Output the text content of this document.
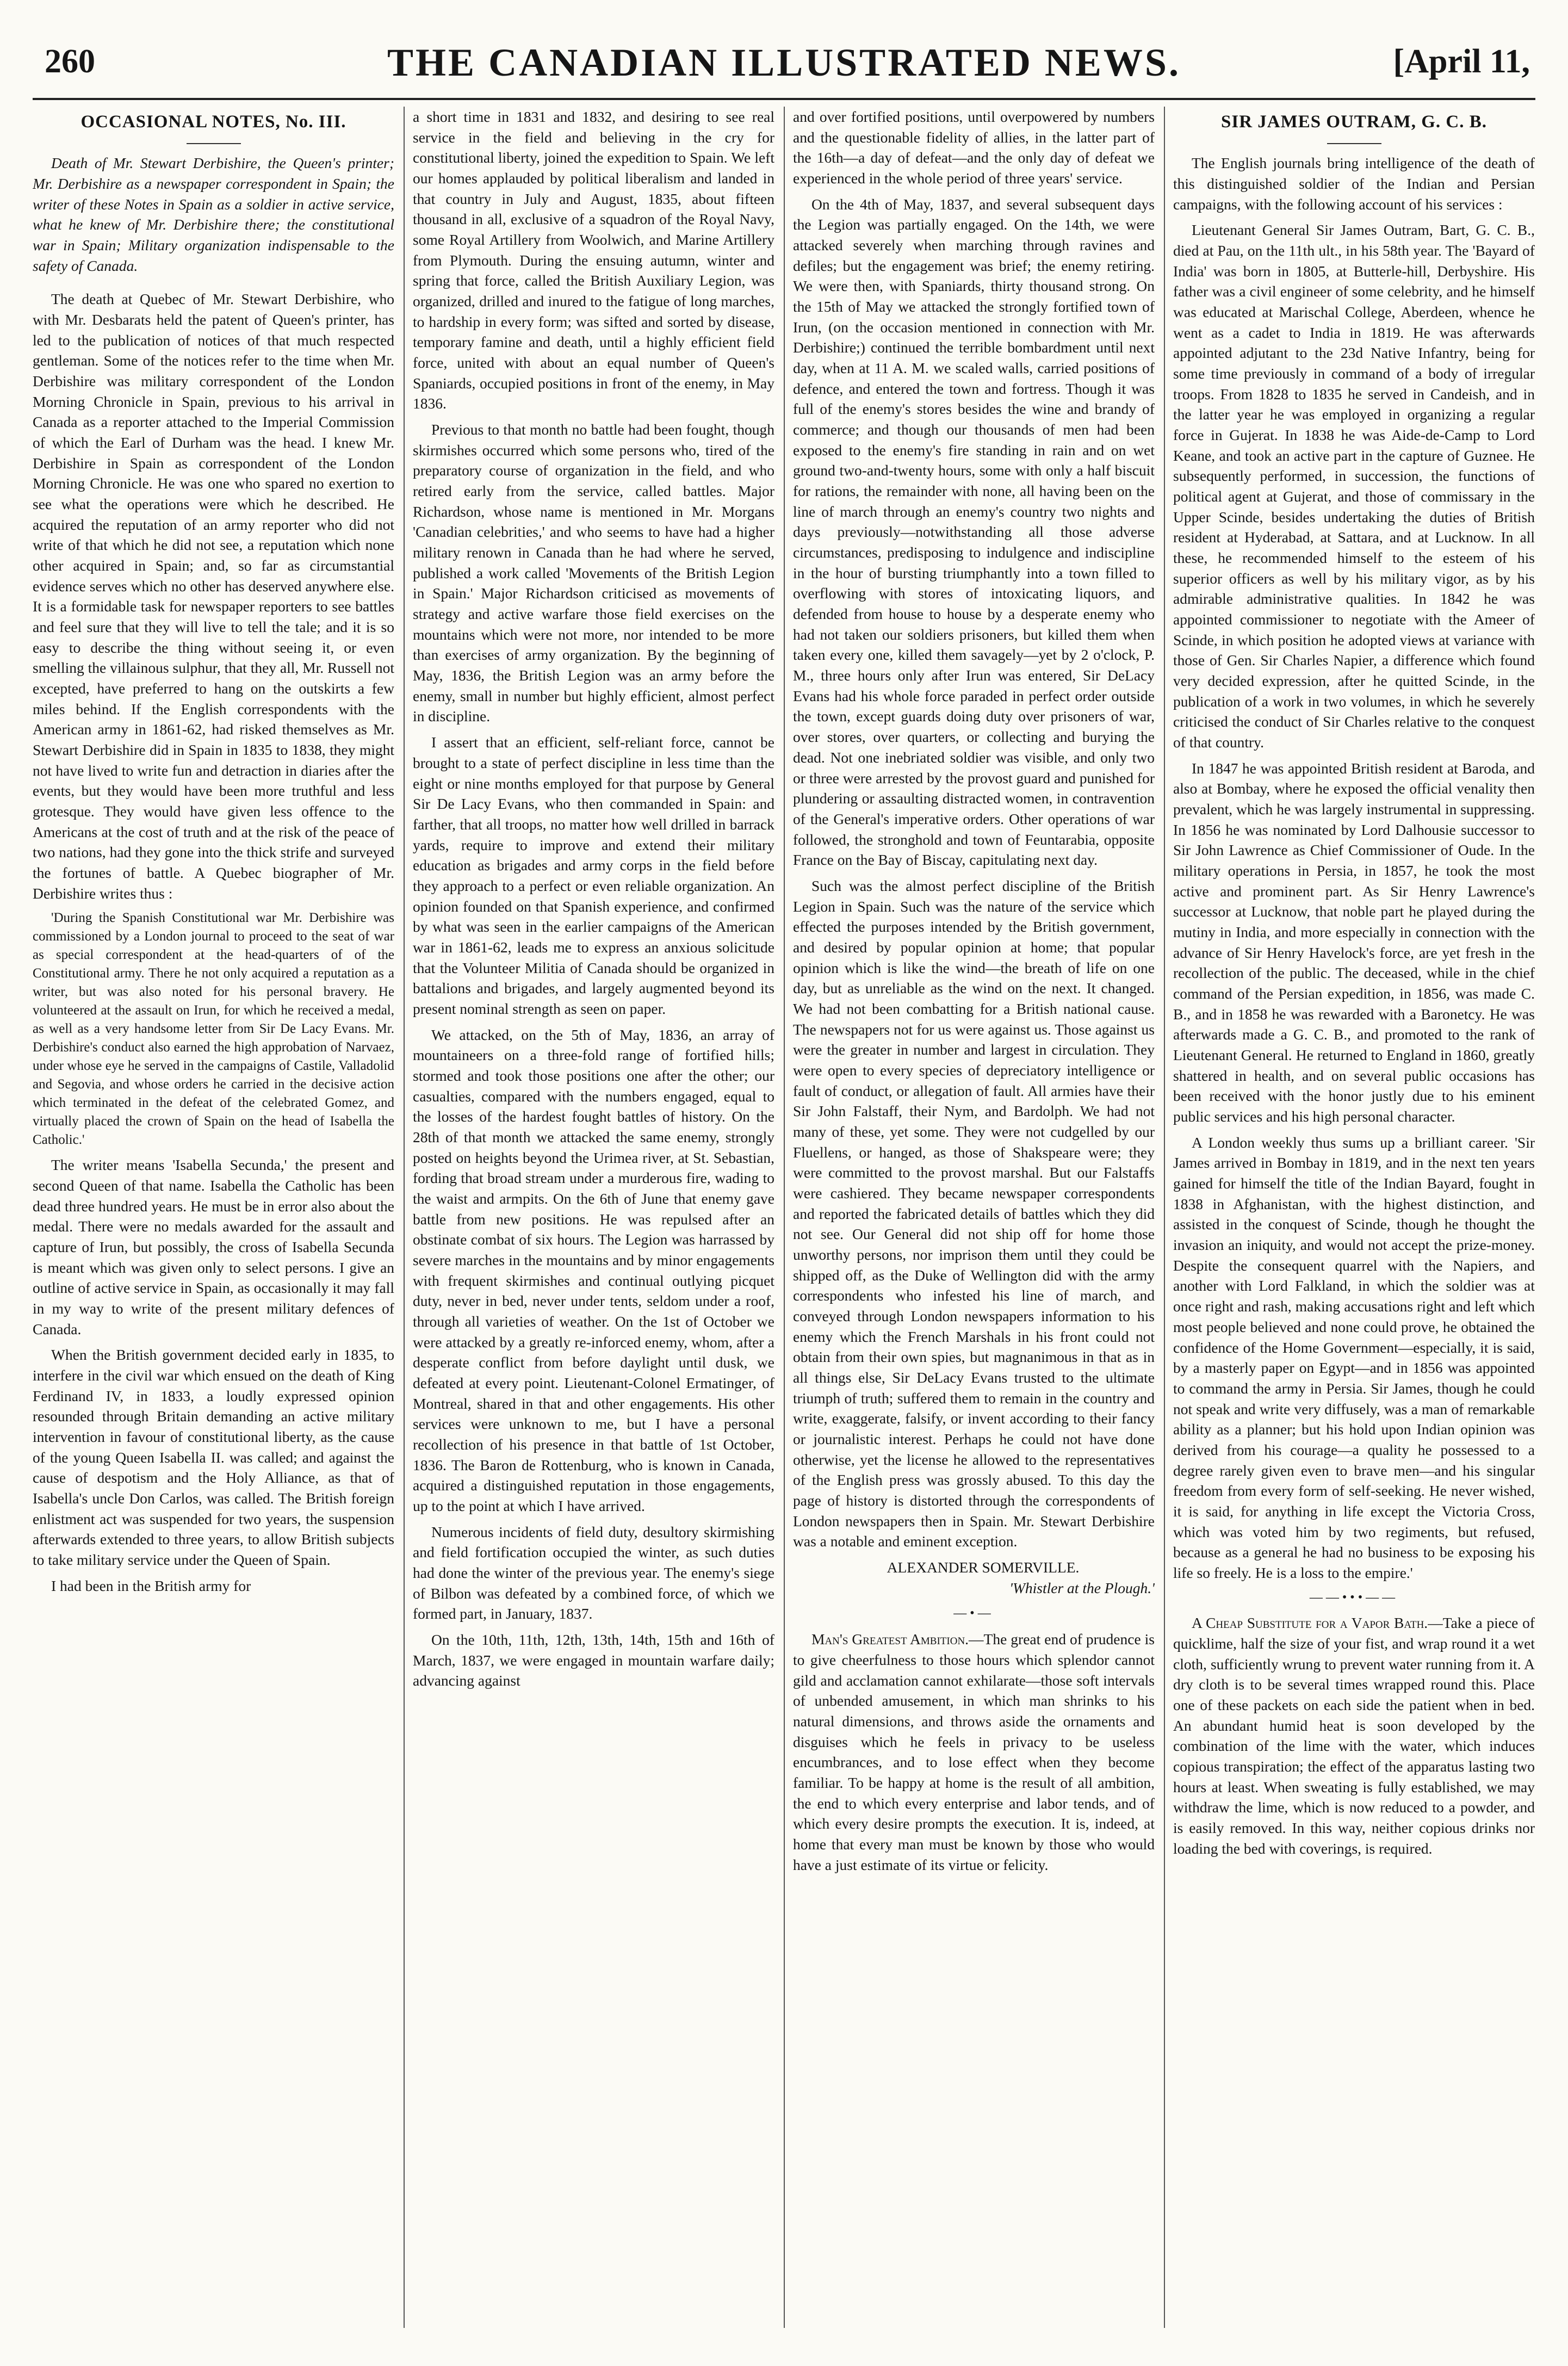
260	THE CANADIAN ILLUSTRATED NEWS.	[April 11,
OCCASIONAL NOTES, No. III.

Death of Mr. Stewart Derbishire, the Queen's printer; Mr. Derbishire as a newspaper correspondent in Spain; the writer of these Notes in Spain as a soldier in active service, what he knew of Mr. Derbishire there; the constitutional war in Spain; Military organization indispensable to the safety of Canada.

The death at Quebec of Mr. Stewart Derbishire, who with Mr. Desbarats held the patent of Queen's printer, has led to the publication of notices of that much respected gentleman. Some of the notices refer to the time when Mr. Derbishire was military correspondent of the London Morning Chronicle in Spain, previous to his arrival in Canada as a reporter attached to the Imperial Commission of which the Earl of Durham was the head. I knew Mr. Derbishire in Spain as correspondent of the London Morning Chronicle. He was one who spared no exertion to see what the operations were which he described. He acquired the reputation of an army reporter who did not write of that which he did not see, a reputation which none other acquired in Spain; and, so far as circumstantial evidence serves which no other has deserved anywhere else. It is a formidable task for newspaper reporters to see battles and feel sure that they will live to tell the tale; and it is so easy to describe the thing without seeing it, or even smelling the villainous sulphur, that they all, Mr. Russell not excepted, have preferred to hang on the outskirts a few miles behind. If the English correspondents with the American army in 1861-62, had risked themselves as Mr. Stewart Derbishire did in Spain in 1835 to 1838, they might not have lived to write fun and detraction in diaries after the events, but they would have been more truthful and less grotesque. They would have given less offence to the Americans at the cost of truth and at the risk of the peace of two nations, had they gone into the thick strife and surveyed the fortunes of battle. A Quebec biographer of Mr. Derbishire writes thus :

'During the Spanish Constitutional war Mr. Derbishire was commissioned by a London journal to proceed to the seat of war as special correspondent at the head-quarters of of the Constitutional army. There he not only acquired a reputation as a writer, but was also noted for his personal bravery. He volunteered at the assault on Irun, for which he received a medal, as well as a very handsome letter from Sir De Lacy Evans. Mr. Derbishire's conduct also earned the high approbation of Narvaez, under whose eye he served in the campaigns of Castile, Valladolid and Segovia, and whose orders he carried in the decisive action which terminated in the defeat of the celebrated Gomez, and virtually placed the crown of Spain on the head of Isabella the Catholic.'

The writer means 'Isabella Secunda,' the present and second Queen of that name. Isabella the Catholic has been dead three hundred years. He must be in error also about the medal. There were no medals awarded for the assault and capture of Irun, but possibly, the cross of Isabella Secunda is meant which was given only to select persons. I give an outline of active service in Spain, as occasionally it may fall in my way to write of the present military defences of Canada.

When the British government decided early in 1835, to interfere in the civil war which ensued on the death of King Ferdinand IV, in 1833, a loudly expressed opinion resounded through Britain demanding an active military intervention in favour of constitutional liberty, as the cause of the young Queen Isabella II. was called; and against the cause of despotism and the Holy Alliance, as that of Isabella's uncle Don Carlos, was called. The British foreign enlistment act was suspended for two years, the suspension afterwards extended to three years, to allow British subjects to take military service under the Queen of Spain.

I had been in the British army for

a short time in 1831 and 1832, and desiring to see real service in the field and believing in the cry for constitutional liberty, joined the expedition to Spain. We left our homes applauded by political liberalism and landed in that country in July and August, 1835, about fifteen thousand in all, exclusive of a squadron of the Royal Navy, some Royal Artillery from Woolwich, and Marine Artillery from Plymouth. During the ensuing autumn, winter and spring that force, called the British Auxiliary Legion, was organized, drilled and inured to the fatigue of long marches, to hardship in every form; was sifted and sorted by disease, temporary famine and death, until a highly efficient field force, united with about an equal number of Queen's Spaniards, occupied positions in front of the enemy, in May 1836.

Previous to that month no battle had been fought, though skirmishes occurred which some persons who, tired of the preparatory course of organization in the field, and who retired early from the service, called battles. Major Richardson, whose name is mentioned in Mr. Morgans 'Canadian celebrities,' and who seems to have had a higher military renown in Canada than he had where he served, published a work called 'Movements of the British Legion in Spain.' Major Richardson criticised as movements of strategy and active warfare those field exercises on the mountains which were not more, nor intended to be more than exercises of army organization. By the beginning of May, 1836, the British Legion was an army before the enemy, small in number but highly efficient, almost perfect in discipline.

I assert that an efficient, self-reliant force, cannot be brought to a state of perfect discipline in less time than the eight or nine months employed for that purpose by General Sir De Lacy Evans, who then commanded in Spain: and farther, that all troops, no matter how well drilled in barrack yards, require to improve and extend their military education as brigades and army corps in the field before they approach to a perfect or even reliable organization. An opinion founded on that Spanish experience, and confirmed by what was seen in the earlier campaigns of the American war in 1861-62, leads me to express an anxious solicitude that the Volunteer Militia of Canada should be organized in battalions and brigades, and largely augmented beyond its present nominal strength as seen on paper.

We attacked, on the 5th of May, 1836, an array of mountaineers on a three-fold range of fortified hills; stormed and took those positions one after the other; our casualties, compared with the numbers engaged, equal to the losses of the hardest fought battles of history. On the 28th of that month we attacked the same enemy, strongly posted on heights beyond the Urimea river, at St. Sebastian, fording that broad stream under a murderous fire, wading to the waist and armpits. On the 6th of June that enemy gave battle from new positions. He was repulsed after an obstinate combat of six hours. The Legion was harrassed by severe marches in the mountains and by minor engagements with frequent skirmishes and continual outlying picquet duty, never in bed, never under tents, seldom under a roof, through all varieties of weather. On the 1st of October we were attacked by a greatly re-inforced enemy, whom, after a desperate conflict from before daylight until dusk, we defeated at every point. Lieutenant-Colonel Ermatinger, of Montreal, shared in that and other engagements. His other services were unknown to me, but I have a personal recollection of his presence in that battle of 1st October, 1836. The Baron de Rottenburg, who is known in Canada, acquired a distinguished reputation in those engagements, up to the point at which I have arrived.

Numerous incidents of field duty, desultory skirmishing and field fortification occupied the winter, as such duties had done the winter of the previous year. The enemy's siege of Bilbon was defeated by a combined force, of which we formed part, in January, 1837.

On the 10th, 11th, 12th, 13th, 14th, 15th and 16th of March, 1837, we were engaged in mountain warfare daily; advancing against

and over fortified positions, until overpowered by numbers and the questionable fidelity of allies, in the latter part of the 16th—a day of defeat—and the only day of defeat we experienced in the whole period of three years' service.

On the 4th of May, 1837, and several subsequent days the Legion was partially engaged. On the 14th, we were attacked severely when marching through ravines and defiles; but the engagement was brief; the enemy retiring. We were then, with Spaniards, thirty thousand strong. On the 15th of May we attacked the strongly fortified town of Irun, (on the occasion mentioned in connection with Mr. Derbishire;) continued the terrible bombardment until next day, when at 11 A. M. we scaled walls, carried positions of defence, and entered the town and fortress. Though it was full of the enemy's stores besides the wine and brandy of commerce; and though our thousands of men had been exposed to the enemy's fire standing in rain and on wet ground two-and-twenty hours, some with only a half biscuit for rations, the remainder with none, all having been on the line of march through an enemy's country two nights and days previously—notwithstanding all those adverse circumstances, predisposing to indulgence and indiscipline in the hour of bursting triumphantly into a town filled to overflowing with stores of intoxicating liquors, and defended from house to house by a desperate enemy who had not taken our soldiers prisoners, but killed them when taken every one, killed them savagely—yet by 2 o'clock, P. M., three hours only after Irun was entered, Sir DeLacy Evans had his whole force paraded in perfect order outside the town, except guards doing duty over prisoners of war, over stores, over quarters, or collecting and burying the dead. Not one inebriated soldier was visible, and only two or three were arrested by the provost guard and punished for plundering or assaulting distracted women, in contravention of the General's imperative orders. Other operations of war followed, the stronghold and town of Feuntarabia, opposite France on the Bay of Biscay, capitulating next day.

Such was the almost perfect discipline of the British Legion in Spain. Such was the nature of the service which effected the purposes intended by the British government, and desired by popular opinion at home; that popular opinion which is like the wind—the breath of life on one day, but as unreliable as the wind on the next. It changed. We had not been combatting for a British national cause. The newspapers not for us were against us. Those against us were the greater in number and largest in circulation. They were open to every species of depreciatory intelligence or fault of conduct, or allegation of fault. All armies have their Sir John Falstaff, their Nym, and Bardolph. We had not many of these, yet some. They were not cudgelled by our Fluellens, or hanged, as those of Shakspeare were; they were committed to the provost marshal. But our Falstaffs were cashiered. They became newspaper correspondents and reported the fabricated details of battles which they did not see. Our General did not ship off for home those unworthy persons, nor imprison them until they could be shipped off, as the Duke of Wellington did with the army correspondents who infested his line of march, and conveyed through London newspapers information to his enemy which the French Marshals in his front could not obtain from their own spies, but magnanimous in that as in all things else, Sir DeLacy Evans trusted to the ultimate triumph of truth; suffered them to remain in the country and write, exaggerate, falsify, or invent according to their fancy or journalistic interest. Perhaps he could not have done otherwise, yet the license he allowed to the representatives of the English press was grossly abused. To this day the page of history is distorted through the correspondents of London newspapers then in Spain. Mr. Stewart Derbishire was a notable and eminent exception.

ALEXANDER SOMERVILLE.

'Whistler at the Plough.'

—•—

Man's Greatest Ambition.—The great end of prudence is to give cheerfulness to those hours which splendor cannot gild and acclamation cannot exhilarate—those soft intervals of unbended amusement, in which man shrinks to his natural dimensions, and throws aside the ornaments and disguises which he feels in privacy to be useless encumbrances, and to lose effect when they become familiar. To be happy at home is the result of all ambition, the end to which every enterprise and labor tends, and of which every desire prompts the execution. It is, indeed, at home that every man must be known by those who would have a just estimate of its virtue or felicity.

SIR JAMES OUTRAM, G. C. B.

The English journals bring intelligence of the death of this distinguished soldier of the Indian and Persian campaigns, with the following account of his services :

Lieutenant General Sir James Outram, Bart, G. C. B., died at Pau, on the 11th ult., in his 58th year. The 'Bayard of India' was born in 1805, at Butterle-hill, Derbyshire. His father was a civil engineer of some celebrity, and he himself was educated at Marischal College, Aberdeen, whence he went as a cadet to India in 1819. He was afterwards appointed adjutant to the 23d Native Infantry, being for some time previously in command of a body of irregular troops. From 1828 to 1835 he served in Candeish, and in the latter year he was employed in organizing a regular force in Gujerat. In 1838 he was Aide-de-Camp to Lord Keane, and took an active part in the capture of Guznee. He subsequently performed, in succession, the functions of political agent at Gujerat, and those of commissary in the Upper Scinde, besides undertaking the duties of British resident at Hyderabad, at Sattara, and at Lucknow. In all these, he recommended himself to the esteem of his superior officers as well by his military vigor, as by his admirable administrative qualities. In 1842 he was appointed commissioner to negotiate with the Ameer of Scinde, in which position he adopted views at variance with those of Gen. Sir Charles Napier, a difference which found very decided expression, after he quitted Scinde, in the publication of a work in two volumes, in which he severely criticised the conduct of Sir Charles relative to the conquest of that country.

In 1847 he was appointed British resident at Baroda, and also at Bombay, where he exposed the official venality then prevalent, which he was largely instrumental in suppressing. In 1856 he was nominated by Lord Dalhousie successor to Sir John Lawrence as Chief Commissioner of Oude. In the military operations in Persia, in 1857, he took the most active and prominent part. As Sir Henry Lawrence's successor at Lucknow, that noble part he played during the mutiny in India, and more especially in connection with the advance of Sir Henry Havelock's force, are yet fresh in the recollection of the public. The deceased, while in the chief command of the Persian expedition, in 1856, was made C. B., and in 1858 he was rewarded with a Baronetcy. He was afterwards made a G. C. B., and promoted to the rank of Lieutenant General. He returned to England in 1860, greatly shattered in health, and on several public occasions has been received with the honor justly due to his eminent public services and his high personal character.

A London weekly thus sums up a brilliant career. 'Sir James arrived in Bombay in 1819, and in the next ten years gained for himself the title of the Indian Bayard, fought in 1838 in Afghanistan, with the highest distinction, and assisted in the conquest of Scinde, though he thought the invasion an iniquity, and would not accept the prize-money. Despite the consequent quarrel with the Napiers, and another with Lord Falkland, in which the soldier was at once right and rash, making accusations right and left which most people believed and none could prove, he obtained the confidence of the Home Government—especially, it is said, by a masterly paper on Egypt—and in 1856 was appointed to command the army in Persia. Sir James, though he could not speak and write very diffusely, was a man of remarkable ability as a planner; but his hold upon Indian opinion was derived from his courage—a quality he possessed to a degree rarely given even to brave men—and his singular freedom from every form of self-seeking. He never wished, it is said, for anything in life except the Victoria Cross, which was voted him by two regiments, but refused, because as a general he had no business to be exposing his life so freely. He is a loss to the empire.'

——•••——

A Cheap Substitute for a Vapor Bath.—Take a piece of quicklime, half the size of your fist, and wrap round it a wet cloth, sufficiently wrung to prevent water running from it. A dry cloth is to be several times wrapped round this. Place one of these packets on each side the patient when in bed. An abundant humid heat is soon developed by the combination of the lime with the water, which induces copious transpiration; the effect of the apparatus lasting two hours at least. When sweating is fully established, we may withdraw the lime, which is now reduced to a powder, and is easily removed. In this way, neither copious drinks nor loading the bed with coverings, is required.
